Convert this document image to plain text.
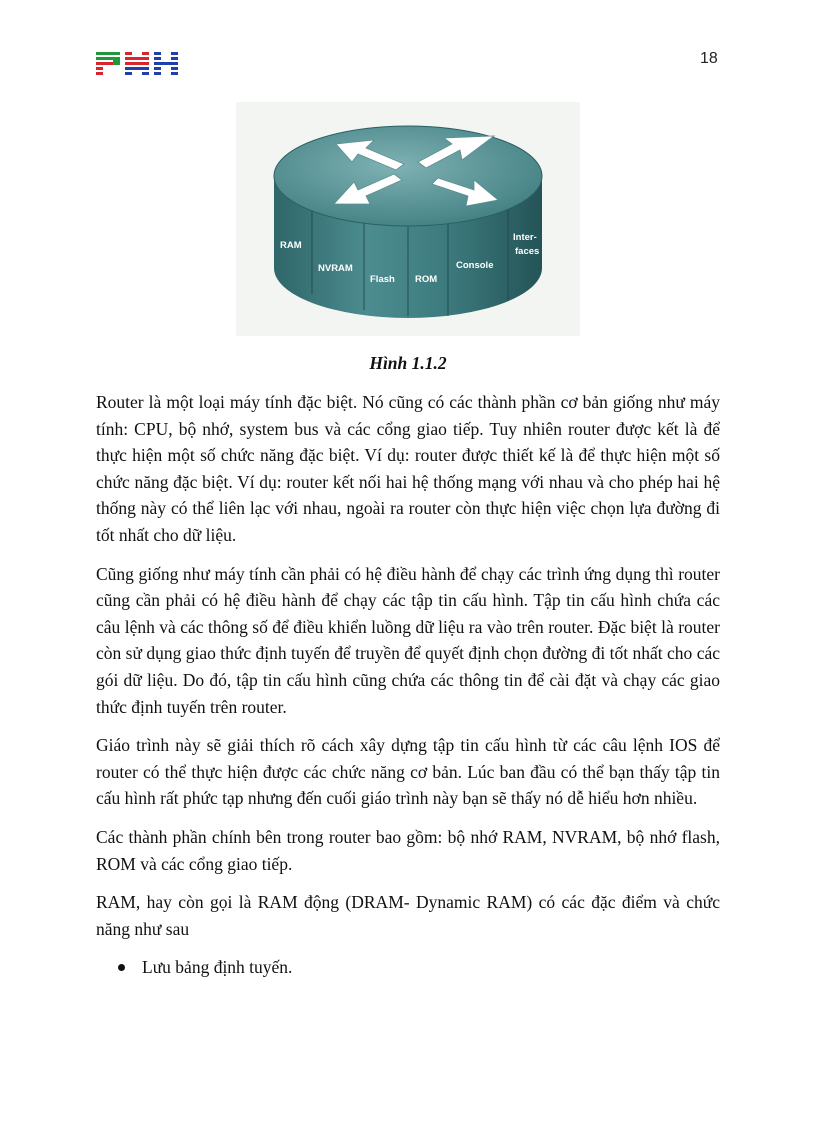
18
RAM
NVRAM
Flash ROM
Console
Inter-
faces
Hình 1.1.2

Router là một loại máy tính đặc biệt. Nó cũng có các thành phần cơ bản giống như máy tính: CPU, bộ nhớ, system bus và các cổng giao tiếp. Tuy nhiên router được kết là để thực hiện một số chức năng đặc biệt. Ví dụ: router được thiết kế là để thực hiện một số chức năng đặc biệt. Ví dụ: router kết nối hai hệ thống mạng với nhau và cho phép hai hệ thống này có thể liên lạc với nhau, ngoài ra router còn thực hiện việc chọn lựa đường đi tốt nhất cho dữ liệu.

Cũng giống như máy tính cần phải có hệ điều hành để chạy các trình ứng dụng thì router cũng cần phải có hệ điều hành để chạy các tập tin cấu hình. Tập tin cấu hình chứa các câu lệnh và các thông số để điều khiển luồng dữ liệu ra vào trên router. Đặc biệt là router còn sử dụng giao thức định tuyến để truyền để quyết định chọn đường đi tốt nhất cho các gói dữ liệu. Do đó, tập tin cấu hình cũng chứa các thông tin để cài đặt và chạy các giao thức định tuyến trên router.

Giáo trình này sẽ giải thích rõ cách xây dựng tập tin cấu hình từ các câu lệnh IOS để router có thể thực hiện được các chức năng cơ bản. Lúc ban đầu có thể bạn thấy tập tin cấu hình rất phức tạp nhưng đến cuối giáo trình này bạn sẽ thấy nó dễ hiểu hơn nhiều.

Các thành phần chính bên trong router bao gồm: bộ nhớ RAM, NVRAM, bộ nhớ flash, ROM và các cổng giao tiếp.

RAM, hay còn gọi là RAM động (DRAM- Dynamic RAM) có các đặc điểm và chức năng như sau

Lưu bảng định tuyến.
